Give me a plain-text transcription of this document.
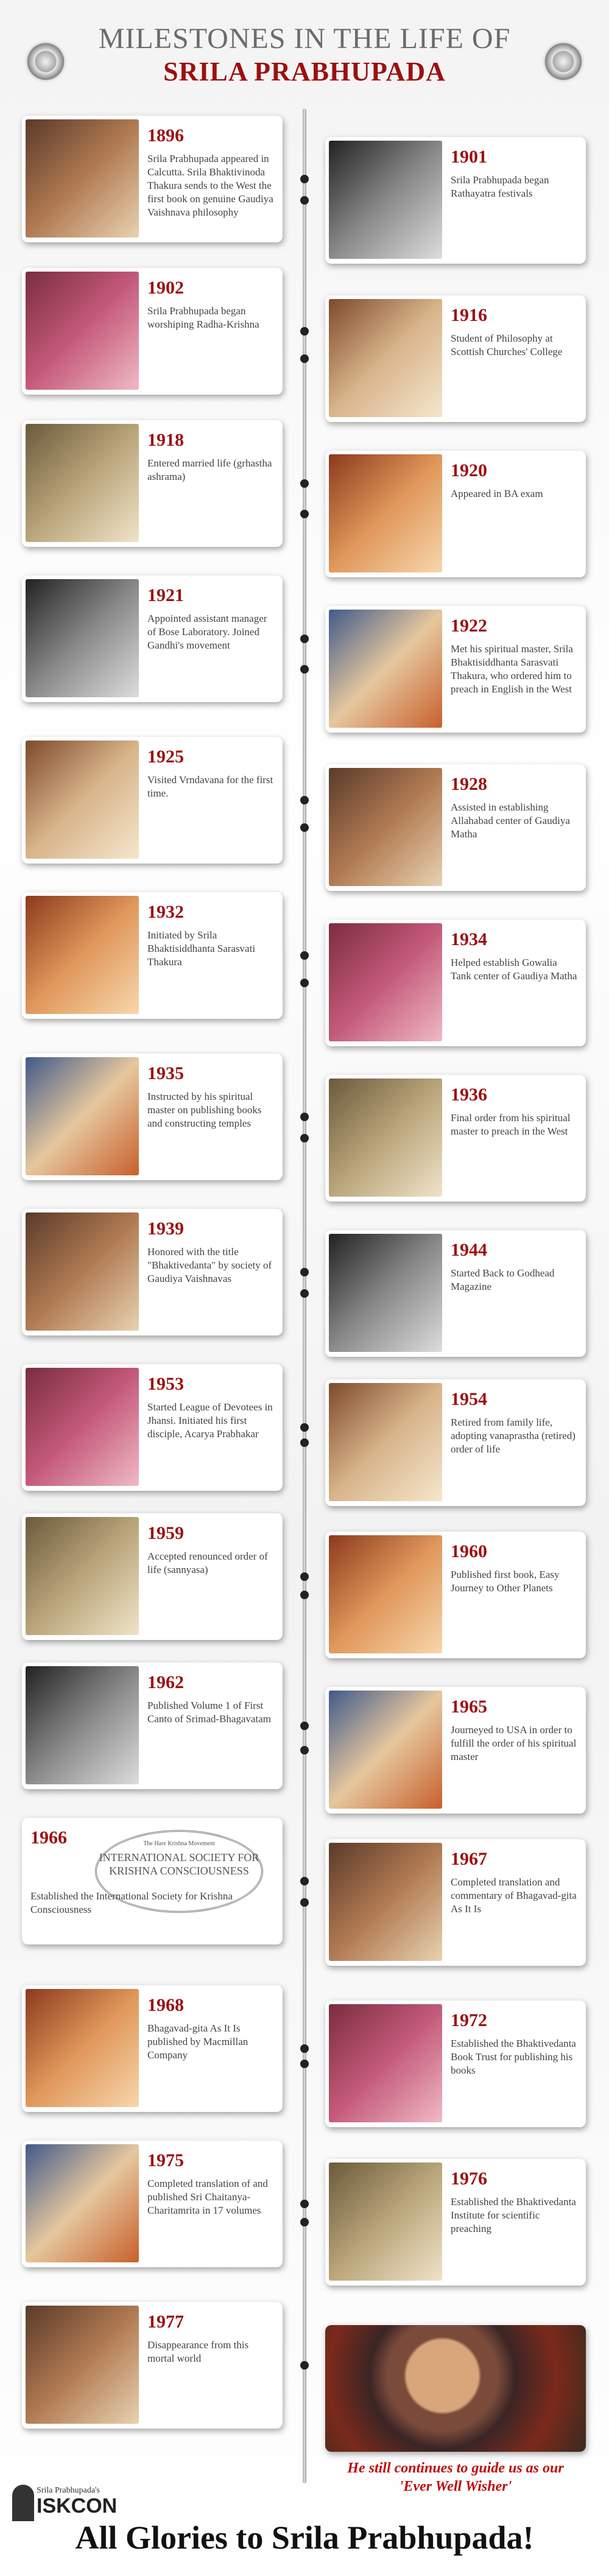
MILESTONES IN THE LIFE OF
SRILA PRABHUPADA
1896
Srila Prabhupada appeared in Calcutta. Srila Bhaktivinoda Thakura sends to the West the first book on genuine Gaudiya Vaishnava philosophy
1902
Srila Prabhupada began worshiping Radha-Krishna
1918
Entered married life (grhastha ashrama)
1921
Appointed assistant manager of Bose Laboratory. Joined Gandhi's movement
1925
Visited Vrndavana for the first time.
1932
Initiated by Srila Bhaktisiddhanta Sarasvati Thakura
1935
Instructed by his spiritual master on publishing books and constructing temples
1939
Honored with the title "Bhaktivedanta" by society of Gaudiya Vaishnavas
1953
Started League of Devotees in Jhansi. Initiated his first disciple, Acarya Prabhakar
1959
Accepted renounced order of life (sannyasa)
1962
Published Volume 1 of First Canto of Srimad-Bhagavatam
The Hare Krishna Movement
INTERNATIONAL SOCIETY FOR KRISHNA CONSCIOUSNESS
1966
Established the International Society for Krishna Consciousness
1968
Bhagavad-gita As It Is published by Macmillan Company
1975
Completed translation of and published Sri Chaitanya-Charitamrita in 17 volumes
1977
Disappearance from this mortal world
1901
Srila Prabhupada began Rathayatra festivals
1916
Student of Philosophy at Scottish Churches' College
1920
Appeared in BA exam
1922
Met his spiritual master, Srila Bhaktisiddhanta Sarasvati Thakura, who ordered him to preach in English in the West
1928
Assisted in establishing Allahabad center of Gaudiya Matha
1934
Helped establish Gowalia Tank center of Gaudiya Matha
1936
Final order from his spiritual master to preach in the West
1944
Started Back to Godhead Magazine
1954
Retired from family life, adopting vanaprastha (retired) order of life
1960
Published first book, Easy Journey to Other Planets
1965
Journeyed to USA in order to fulfill the order of his spiritual master
1967
Completed translation and commentary of Bhagavad-gita As It Is
1972
Established the Bhaktivedanta Book Trust for publishing his books
1976
Established the Bhaktivedanta Institute for scientific preaching
He still continues to guide us as our
'Ever Well Wisher'
Srila Prabhupada's
ISKCON
All Glories to Srila Prabhupada!
